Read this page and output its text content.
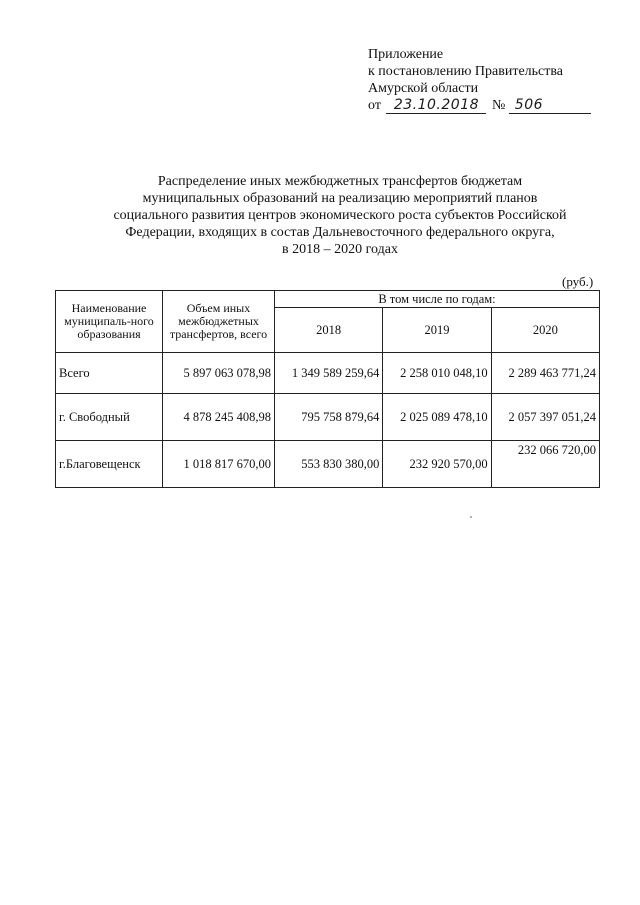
Приложение
к постановлению Правительства
Амурской области
от 23.10.2018 № 506
Распределение иных межбюджетных трансфертов бюджетам
муниципальных образований на реализацию мероприятий планов
социального развития центров экономического роста субъектов Российской
Федерации, входящих в состав Дальневосточного федерального округа,
в 2018 – 2020 годах
(руб.)
Наименование муниципаль-ного образования	Объем иных межбюджетных трансфертов, всего	В том числе по годам:		
		2018	2019	2020
Всего	5 897 063 078,98	1 349 589 259,64	2 258 010 048,10	2 289 463 771,24
г. Свободный	4 878 245 408,98	795 758 879,64	2 025 089 478,10	2 057 397 051,24
г.Благовещенск	1 018 817 670,00	553 830 380,00	232 920 570,00	232 066 720,00
